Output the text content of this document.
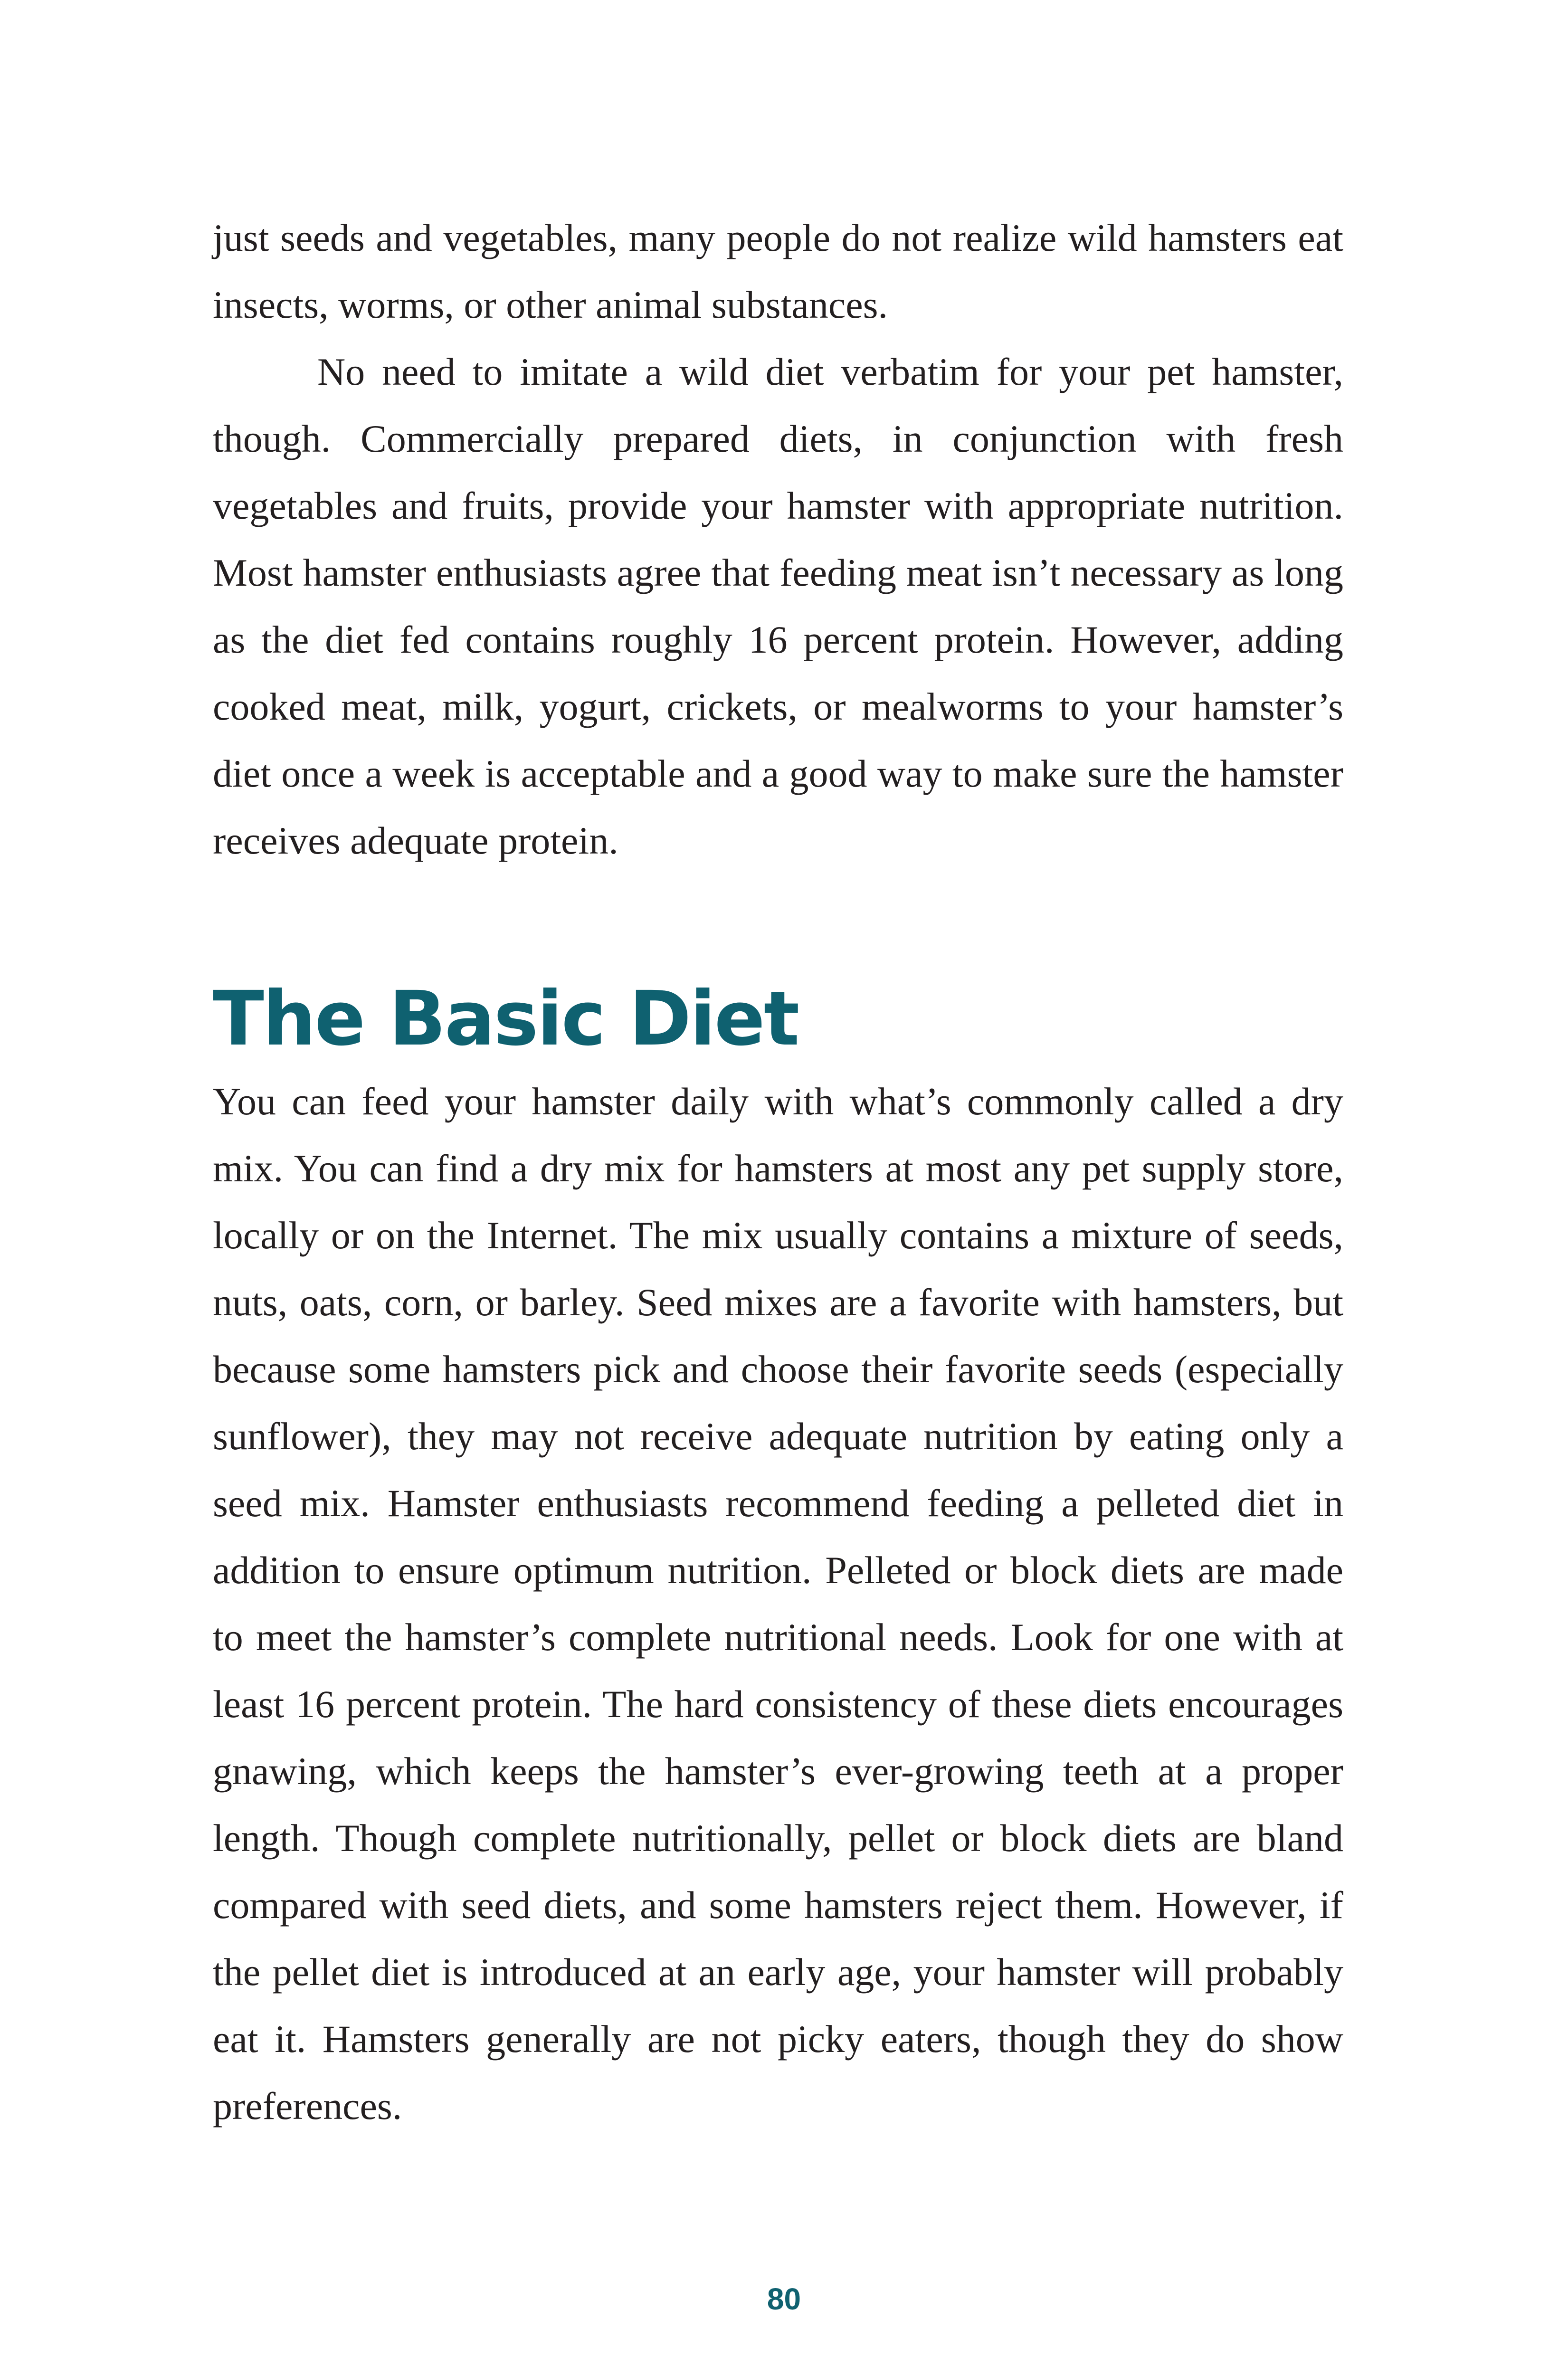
just seeds and vegetables, many people do not realize wild hamsters eat insects, worms, or other animal substances.

No need to imitate a wild diet verbatim for your pet hamster, though. Commercially prepared diets, in conjunction with fresh vegetables and fruits, provide your hamster with appropriate nutrition. Most hamster enthusiasts agree that feeding meat isn’t necessary as long as the diet fed contains roughly 16 percent protein. However, adding cooked meat, milk, yogurt, crickets, or mealworms to your hamster’s diet once a week is acceptable and a good way to make sure the hamster receives adequate protein.

The Basic Diet

You can feed your hamster daily with what’s commonly called a dry mix. You can find a dry mix for hamsters at most any pet supply store, locally or on the Internet. The mix usually contains a mixture of seeds, nuts, oats, corn, or barley. Seed mixes are a favorite with hamsters, but because some hamsters pick and choose their favorite seeds (especially sunflower), they may not receive adequate nutrition by eating only a seed mix. Hamster enthusiasts recommend feeding a pelleted diet in addition to ensure optimum nutrition. Pelleted or block diets are made to meet the hamster’s complete nutritional needs. Look for one with at least 16 percent protein. The hard consistency of these diets encourages gnawing, which keeps the hamster’s ever-growing teeth at a proper length. Though complete nutritionally, pellet or block diets are bland compared with seed diets, and some hamsters reject them. However, if the pellet diet is introduced at an early age, your hamster will probably eat it. Hamsters generally are not picky eaters, though they do show preferences.

80
